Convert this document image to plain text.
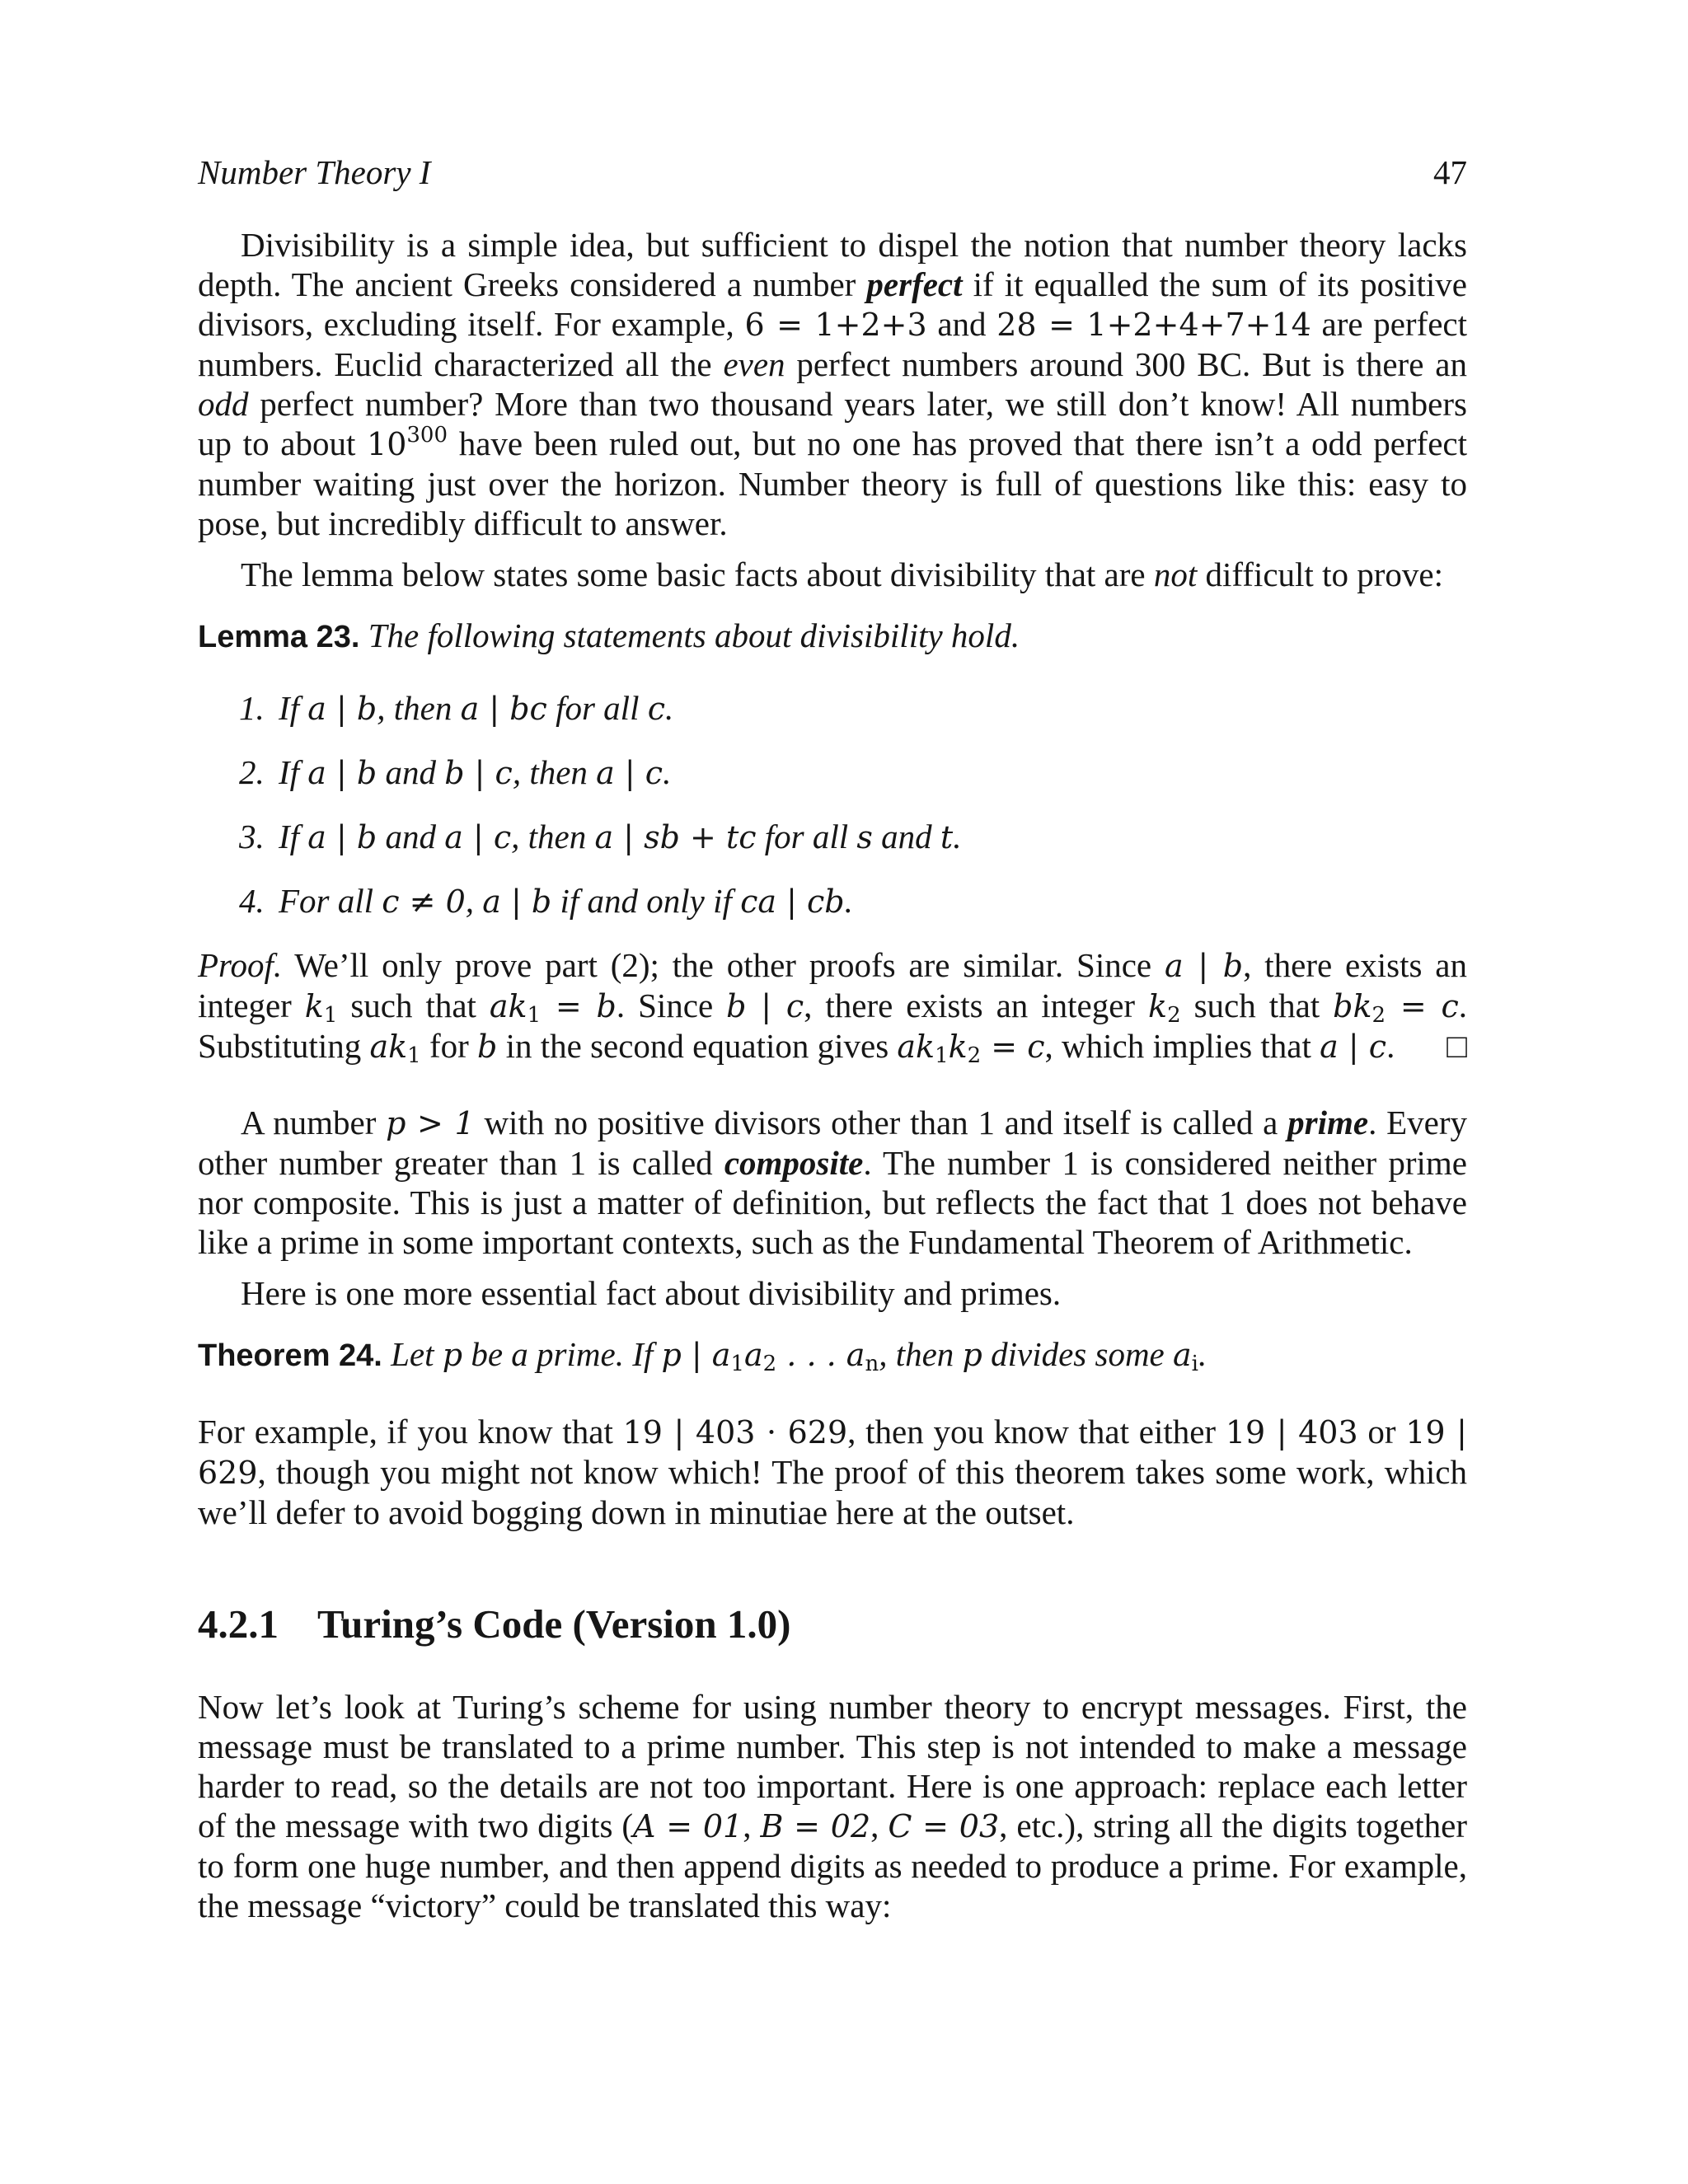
Number Theory I	47

Divisibility is a simple idea, but sufficient to dispel the notion that number theory lacks depth. The ancient Greeks considered a number perfect if it equalled the sum of its positive divisors, excluding itself. For example, 6 = 1+2+3 and 28 = 1+2+4+7+14 are perfect numbers. Euclid characterized all the even perfect numbers around 300 BC. But is there an odd perfect number? More than two thousand years later, we still don’t know! All numbers up to about $10^{300}$ have been ruled out, but no one has proved that there isn’t a odd perfect number waiting just over the horizon. Number theory is full of questions like this: easy to pose, but incredibly difficult to answer.

The lemma below states some basic facts about divisibility that are not difficult to prove:

Lemma 23. The following statements about divisibility hold.

1. If a | b, then a | bc for all c.
2. If a | b and b | c, then a | c.
3. If a | b and a | c, then a | sb + tc for all s and t.
4. For all c ≠ 0, a | b if and only if ca | cb.

Proof. We’ll only prove part (2); the other proofs are similar. Since a | b, there exists an integer $k_1$ such that $ak_1 = b$. Since b | c, there exists an integer $k_2$ such that $bk_2 = c$. Substituting $ak_1$ for b in the second equation gives $ak_1k_2 = c$, which implies that a | c. □

A number p > 1 with no positive divisors other than 1 and itself is called a prime. Every other number greater than 1 is called composite. The number 1 is considered neither prime nor composite. This is just a matter of definition, but reflects the fact that 1 does not behave like a prime in some important contexts, such as the Fundamental Theorem of Arithmetic.

Here is one more essential fact about divisibility and primes.

Theorem 24. Let p be a prime. If p | $a_1a_2$ . . . $a_n$, then p divides some $a_i$.

For example, if you know that 19 | 403 · 629, then you know that either 19 | 403 or 19 | 629, though you might not know which! The proof of this theorem takes some work, which we’ll defer to avoid bogging down in minutiae here at the outset.

4.2.1 Turing’s Code (Version 1.0)

Now let’s look at Turing’s scheme for using number theory to encrypt messages. First, the message must be translated to a prime number. This step is not intended to make a message harder to read, so the details are not too important. Here is one approach: replace each letter of the message with two digits (A = 01, B = 02, C = 03, etc.), string all the digits together to form one huge number, and then append digits as needed to produce a prime. For example, the message “victory” could be translated this way:
